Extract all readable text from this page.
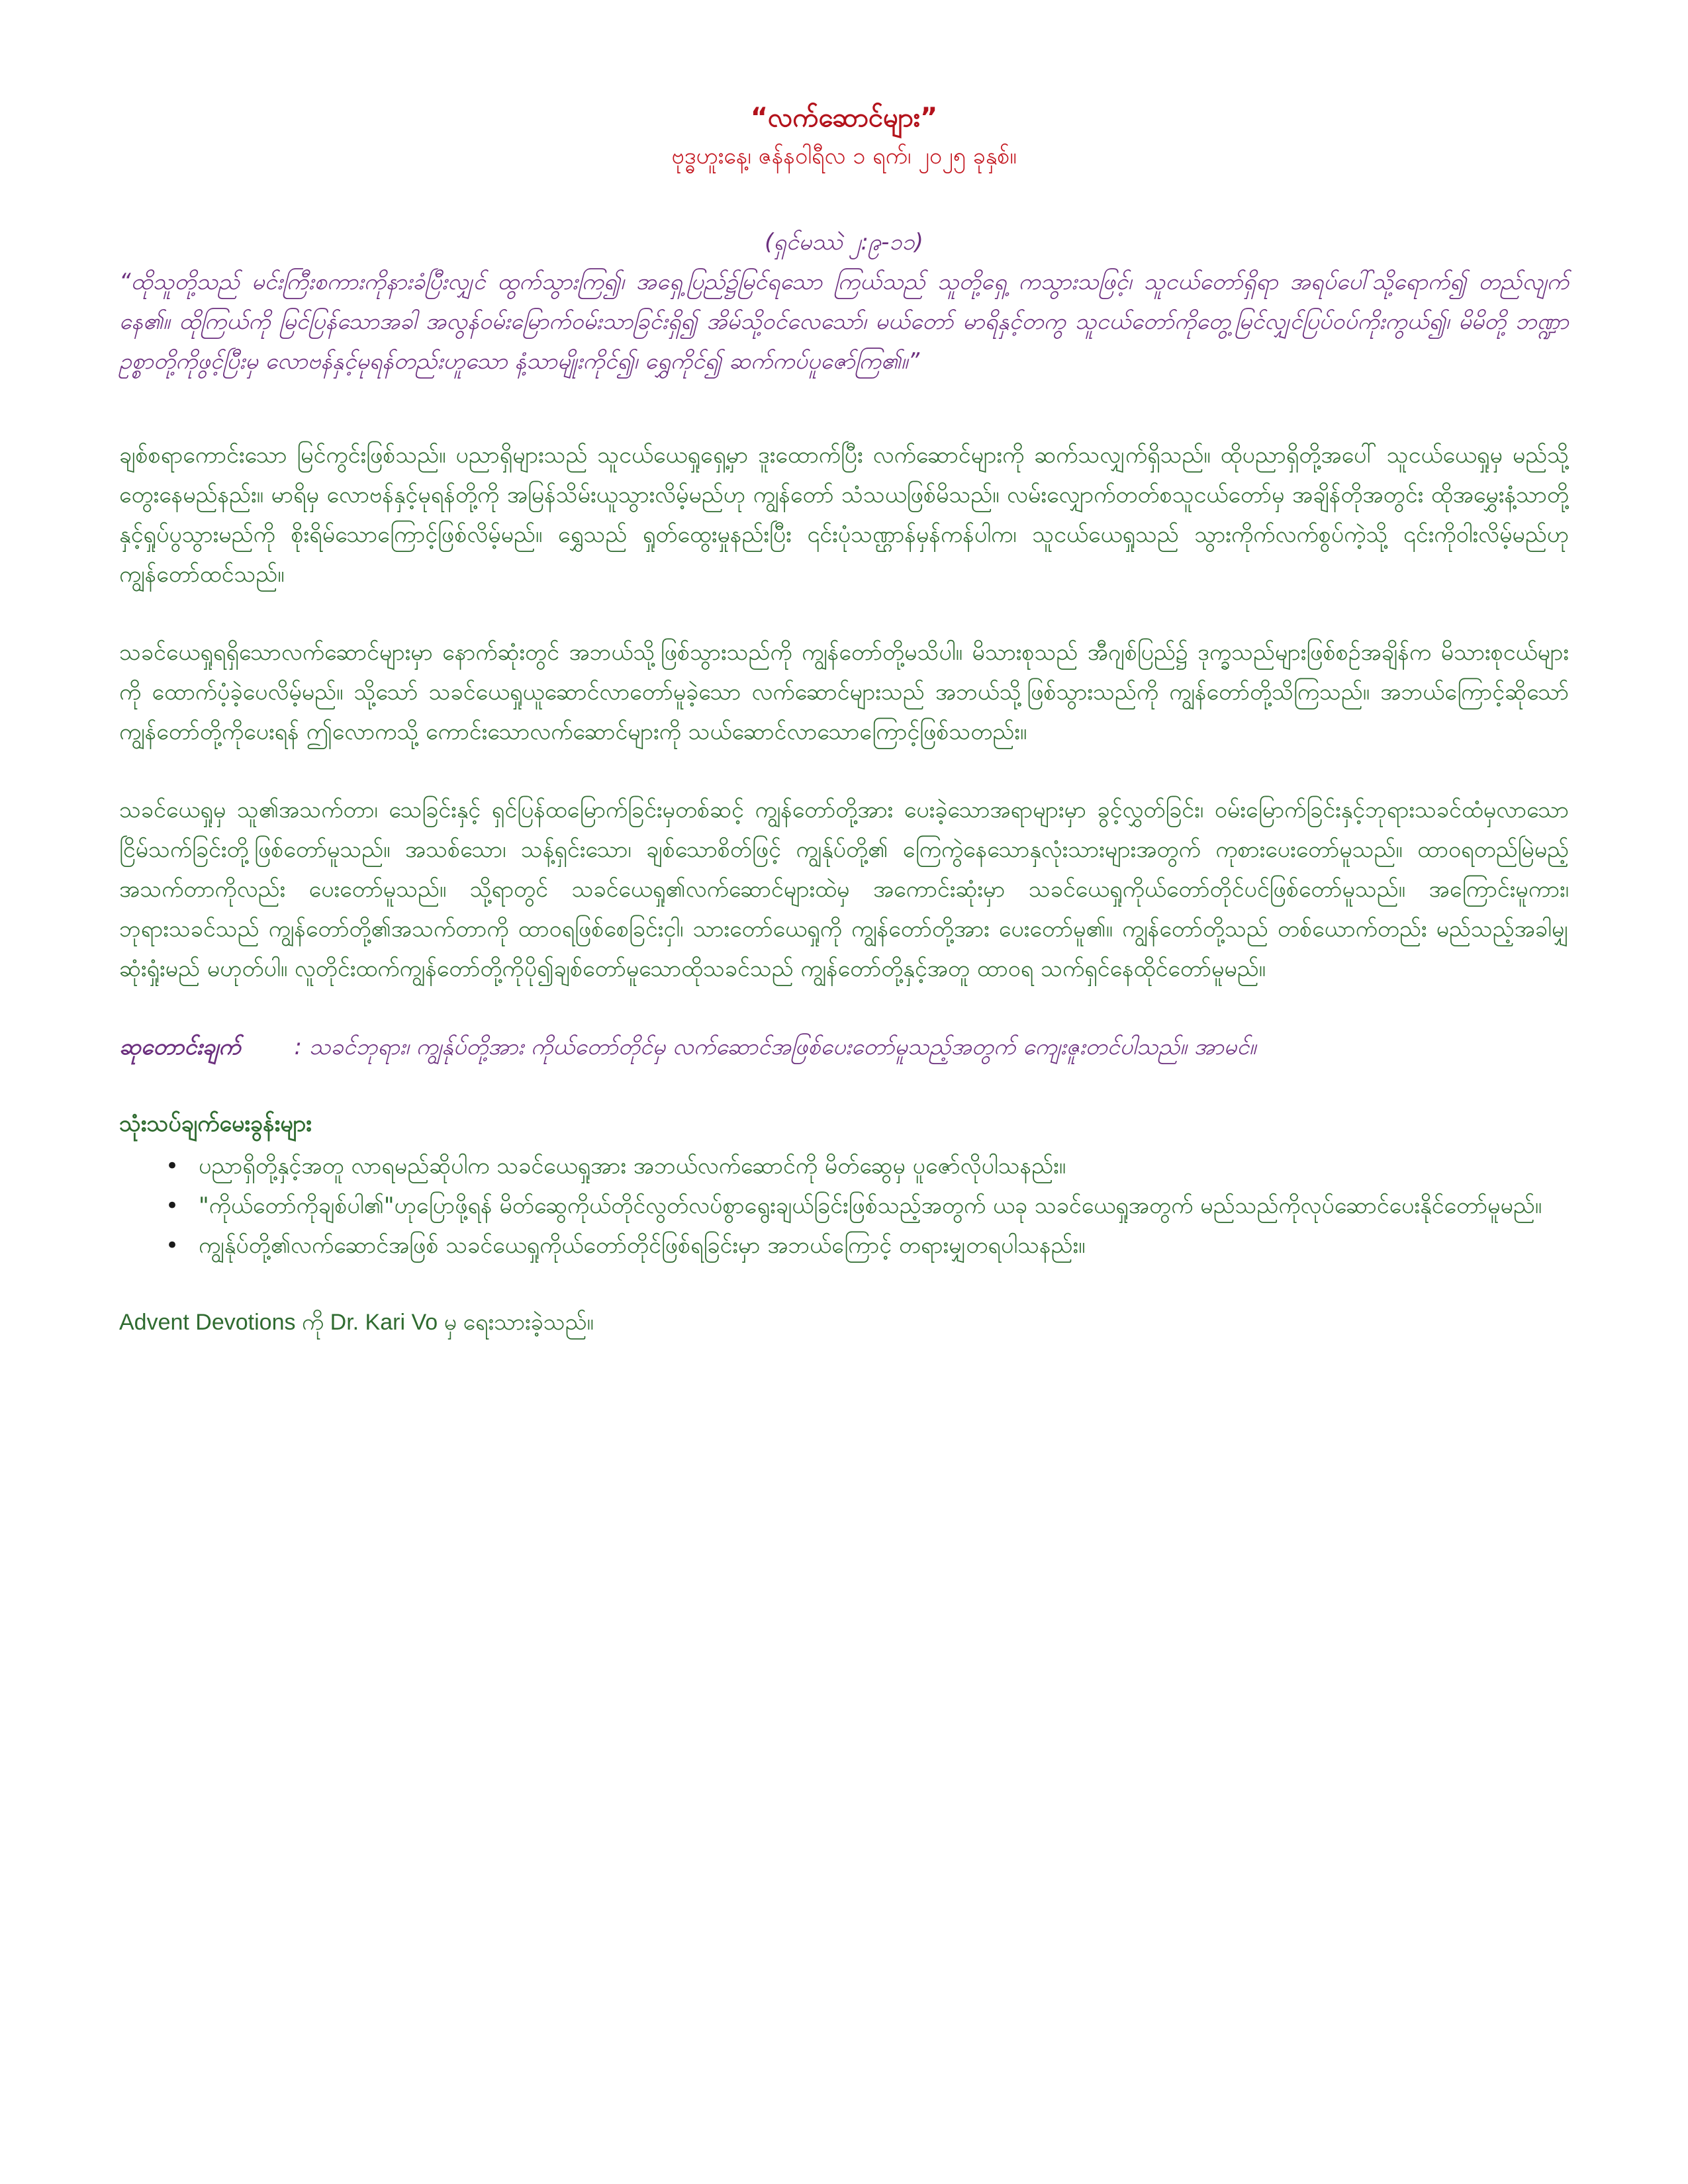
“လက်ဆောင်များ”

ဗုဒ္ဓဟူးနေ့၊ ဇန်နဝါရီလ ၁ ရက်၊ ၂၀၂၅ ခုနှစ်။

(ရှင်မဿဲ ၂:၉-၁၁)

“ထိုသူတို့သည် မင်းကြီးစကားကိုနားခံပြီးလျှင် ထွက်သွားကြ၍၊ အရှေ့ပြည်၌မြင်ရသော ကြယ်သည် သူတို့ရှေ့ ကသွားသဖြင့်၊ သူငယ်တော်ရှိရာ အရပ်ပေါ်သို့ရောက်၍ တည်လျက်နေ၏။ ထိုကြယ်ကို မြင်ပြန်သောအခါ အလွန်ဝမ်းမြောက်ဝမ်းသာခြင်းရှိ၍ အိမ်သို့ဝင်လေသော်၊ မယ်တော် မာရိနှင့်တကွ သူငယ်တော်ကိုတွေ့မြင်လျှင်ပြပ်ဝပ်ကိုးကွယ်၍၊ မိမိတို့ ဘဏ္ဍာဥစ္စာတို့ကိုဖွင့်ပြီးမှ လောဗန်နှင့်မုရန်တည်းဟူသော နံ့သာမျိုးကိုင်၍၊ ရွှေကိုင်၍ ဆက်ကပ်ပူဇော်ကြ၏။”

ချစ်စရာကောင်းသော မြင်ကွင်းဖြစ်သည်။ ပညာရှိများသည် သူငယ်ယေရှုရှေ့မှာ ဒူးထောက်ပြီး လက်ဆောင်များကို ဆက်သလျှက်ရှိသည်။ ထိုပညာရှိတို့အပေါ် သူငယ်ယေရှုမှ မည်သို့တွေးနေမည်နည်း။ မာရိမှ လောဗန်နှင့်မုရန်တို့ကို အမြန်သိမ်းယူသွားလိမ့်မည်ဟု ကျွန်တော် သံသယဖြစ်မိသည်။ လမ်းလျှောက်တတ်စသူငယ်တော်မှ အချိန်တိုအတွင်း ထိုအမွှေးနံ့သာတို့နှင့်ရှုပ်ပွသွားမည်ကို စိုးရိမ်သောကြောင့်ဖြစ်လိမ့်မည်။ ရွှေသည် ရှုတ်ထွေးမှုနည်းပြီး ၎င်းပုံသဏ္ဌာန်မှန်ကန်ပါက၊ သူငယ်ယေရှုသည် သွားကိုက်လက်စွပ်ကဲ့သို့ ၎င်းကိုဝါးလိမ့်မည်ဟု ကျွန်တော်ထင်သည်။

သခင်ယေရှုရရှိသောလက်ဆောင်များမှာ နောက်ဆုံးတွင် အဘယ်သို့ဖြစ်သွားသည်ကို ကျွန်တော်တို့မသိပါ။ မိသားစုသည် အီဂျစ်ပြည်၌ ဒုက္ခသည်များဖြစ်စဉ်အချိန်က မိသားစုငယ်များကို ထောက်ပံ့ခဲ့ပေလိမ့်မည်။ သို့သော် သခင်ယေရှုယူဆောင်လာတော်မူခဲ့သော လက်ဆောင်များသည် အဘယ်သို့ဖြစ်သွားသည်ကို ကျွန်တော်တို့သိကြသည်။ အဘယ်ကြောင့်ဆိုသော် ကျွန်တော်တို့ကိုပေးရန် ဤလောကသို့ ကောင်းသောလက်ဆောင်များကို သယ်ဆောင်လာသောကြောင့်ဖြစ်သတည်း။

သခင်ယေရှုမှ သူ၏အသက်တာ၊ သေခြင်းနှင့် ရှင်ပြန်ထမြောက်ခြင်းမှတစ်ဆင့် ကျွန်တော်တို့အား ပေးခဲ့သောအရာများမှာ ခွင့်လွှတ်ခြင်း၊ ဝမ်းမြောက်ခြင်းနှင့်ဘုရားသခင်ထံမှလာသော ငြိမ်သက်ခြင်းတို့ဖြစ်တော်မူသည်။ အသစ်သော၊ သန့်ရှင်းသော၊ ချစ်သောစိတ်ဖြင့် ကျွန်ုပ်တို့၏ ကြေကွဲနေသောနှလုံးသားများအတွက် ကုစားပေးတော်မူသည်။ ထာဝရတည်မြဲမည့်အသက်တာကိုလည်း ပေးတော်မူသည်။ သို့ရာတွင် သခင်ယေရှု၏လက်ဆောင်များထဲမှ အကောင်းဆုံးမှာ သခင်ယေရှုကိုယ်တော်တိုင်ပင်ဖြစ်တော်မူသည်။ အကြောင်းမူကား၊ ဘုရားသခင်သည် ကျွန်တော်တို့၏အသက်တာကို ထာဝရဖြစ်စေခြင်းငှါ၊ သားတော်ယေရှုကို ကျွန်တော်တို့အား ပေးတော်မူ၏။ ကျွန်တော်တို့သည် တစ်ယောက်တည်း မည်သည့်အခါမျှ ဆုံးရှုံးမည် မဟုတ်ပါ။ လူတိုင်းထက်ကျွန်တော်တို့ကိုပို၍ချစ်တော်မူသောထိုသခင်သည် ကျွန်တော်တို့နှင့်အတူ ထာဝရ သက်ရှင်နေထိုင်တော်မူမည်။

ဆုတောင်းချက် : သခင်ဘုရား၊ ကျွန်ုပ်တို့အား ကိုယ်တော်တိုင်မှ လက်ဆောင်အဖြစ်ပေးတော်မူသည့်အတွက် ကျေးဇူးတင်ပါသည်။ အာမင်။

သုံးသပ်ချက်မေးခွန်းများ

• ပညာရှိတို့နှင့်အတူ လာရမည်ဆိုပါက သခင်ယေရှုအား အဘယ်လက်ဆောင်ကို မိတ်ဆွေမှ ပူဇော်လိုပါသနည်း။
• "ကိုယ်တော်ကိုချစ်ပါ၏"ဟုပြောဖို့ရန် မိတ်ဆွေကိုယ်တိုင်လွတ်လပ်စွာရွေးချယ်ခြင်းဖြစ်သည့်အတွက် ယခု သခင်ယေရှုအတွက် မည်သည်ကိုလုပ်ဆောင်ပေးနိုင်တော်မူမည်။
• ကျွန်ုပ်တို့၏လက်ဆောင်အဖြစ် သခင်ယေရှုကိုယ်တော်တိုင်ဖြစ်ရခြင်းမှာ အဘယ်ကြောင့် တရားမျှတရပါသနည်း။

Advent Devotions ကို Dr. Kari Vo မှ ရေးသားခဲ့သည်။
